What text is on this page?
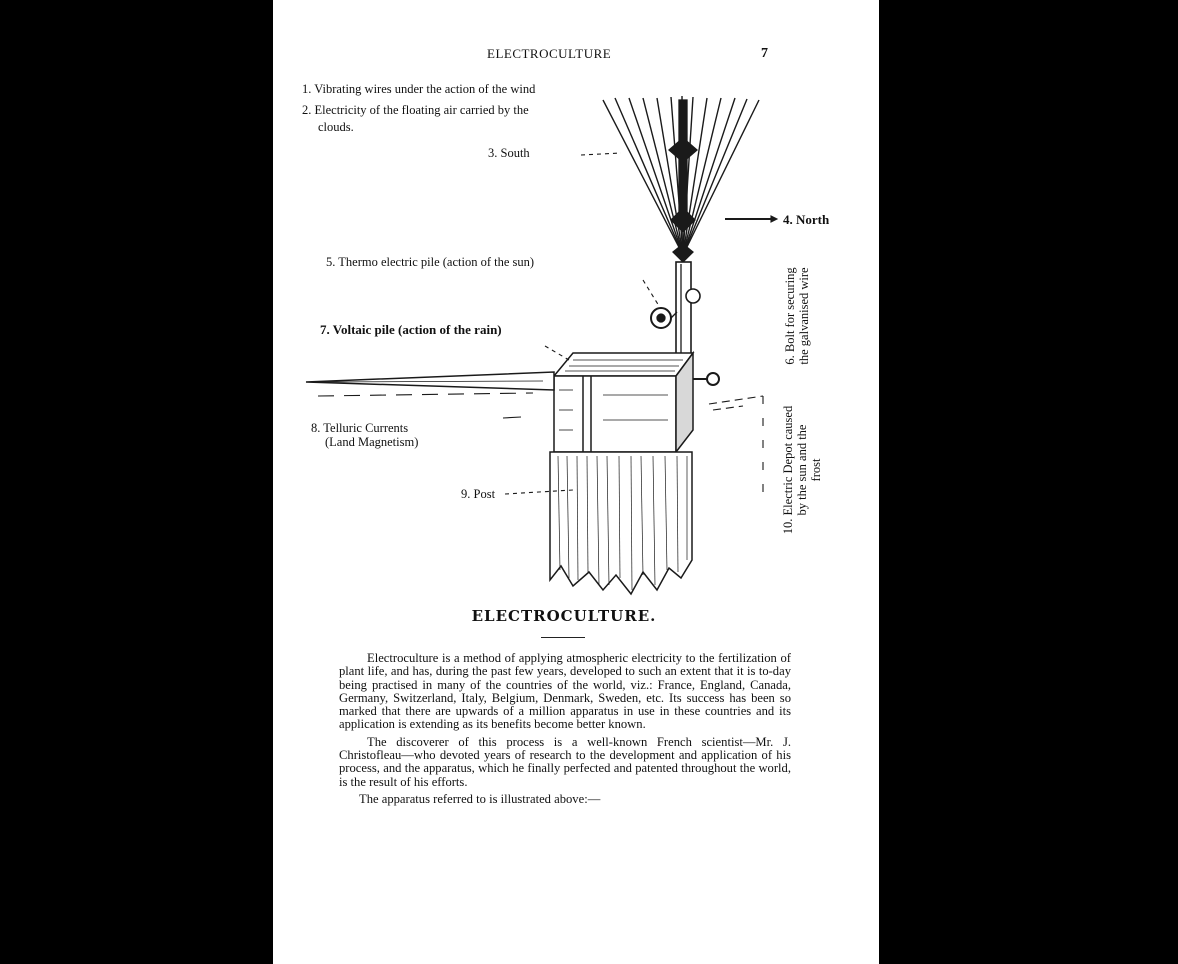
ELECTROCULTURE	7
1. Vibrating wires under the action of the wind
2. Electricity of the floating air carried by the
clouds.
3. South
4. North
5. Thermo electric pile (action of the sun)
7. Voltaic pile (action of the rain)
8. Telluric Currents
(Land Magnetism)
9. Post
6. Bolt for securing the galvanised wire
10. Electric Depot caused by the sun and the frost
ELECTROCULTURE.

Electroculture is a method of applying atmospheric electricity to the fertilization of plant life, and has, during the past few years, developed to such an extent that it is to-day being practised in many of the countries of the world, viz.: France, England, Canada, Germany, Switzerland, Italy, Belgium, Denmark, Sweden, etc. Its success has been so marked that there are upwards of a million apparatus in use in these countries and its application is extending as its benefits become better known.

The discoverer of this process is a well-known French scientist—Mr. J. Christofleau—who devoted years of research to the development and application of his process, and the apparatus, which he finally perfected and patented throughout the world, is the result of his efforts.

The apparatus referred to is illustrated above:—
